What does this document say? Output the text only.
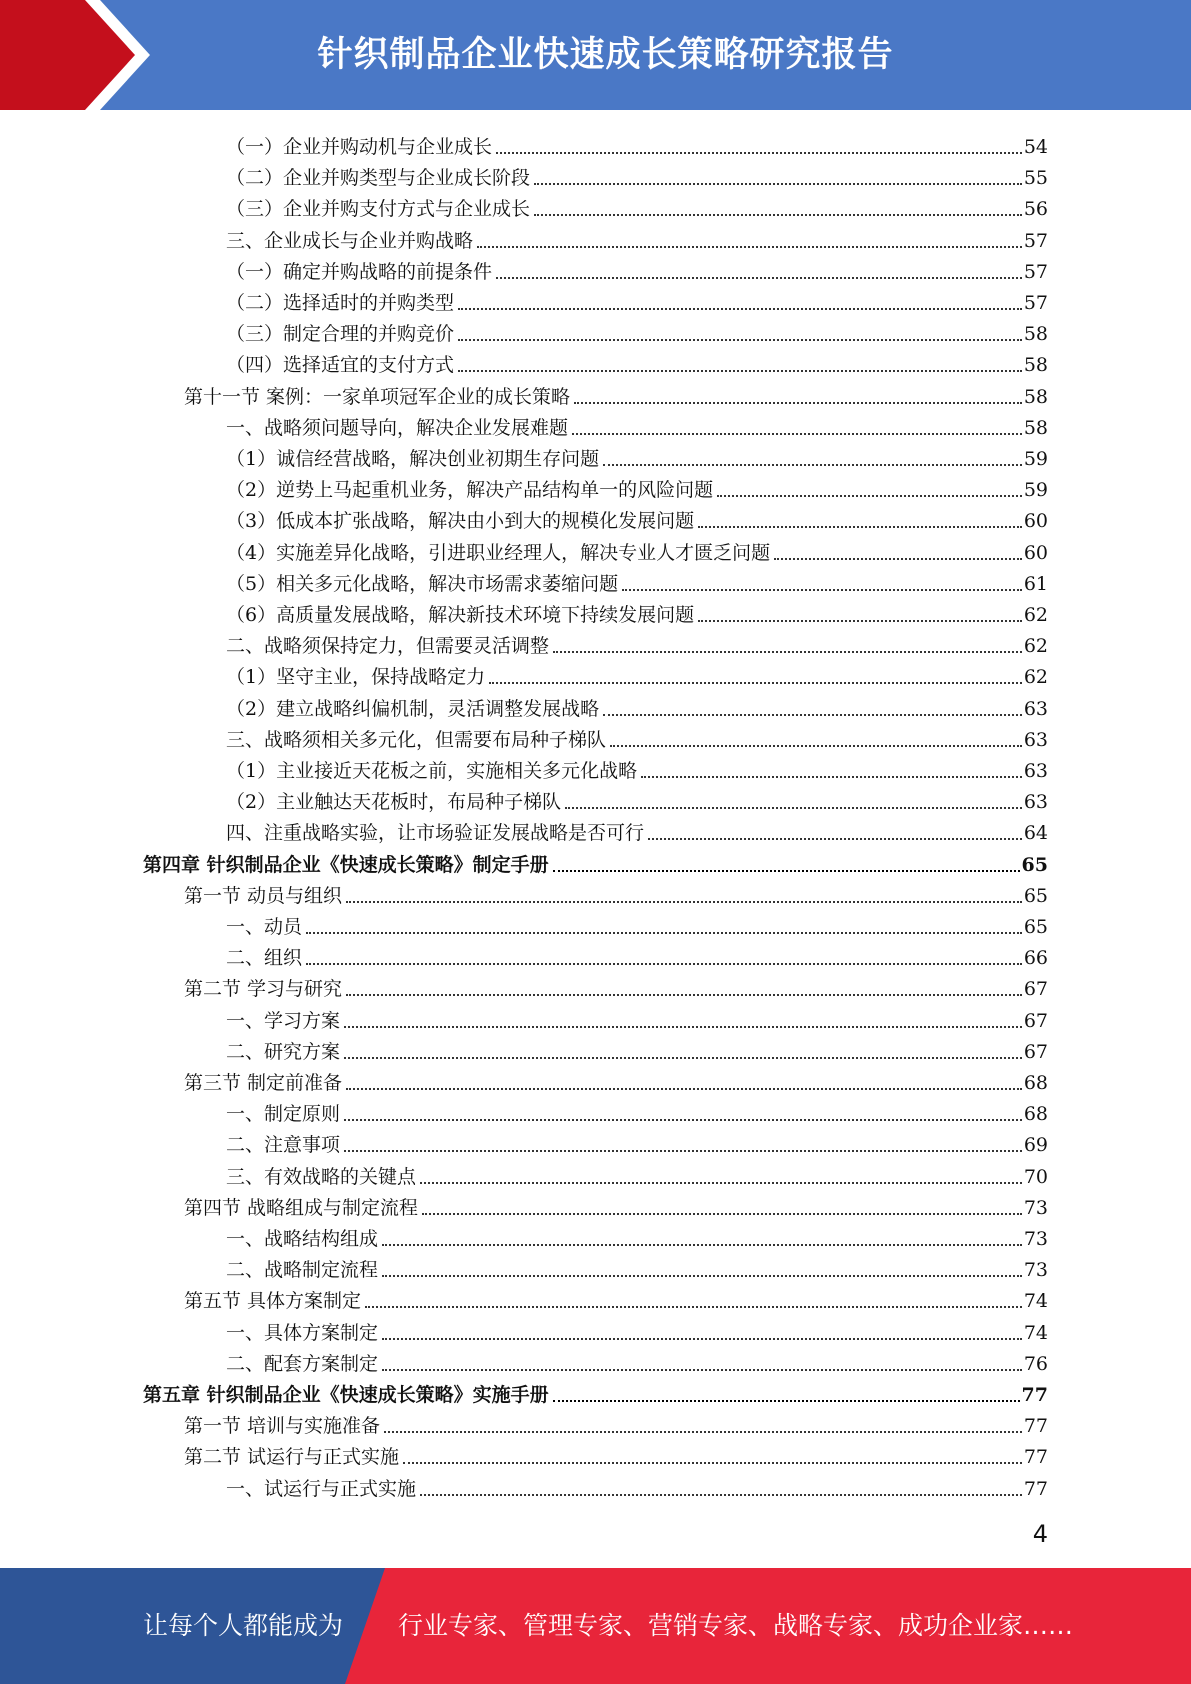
针织制品企业快速成长策略研究报告
（一）企业并购动机与企业成长	54
（二）企业并购类型与企业成长阶段	55
（三）企业并购支付方式与企业成长	56
三、企业成长与企业并购战略	57
（一）确定并购战略的前提条件	57
（二）选择适时的并购类型	57
（三）制定合理的并购竞价	58
（四）选择适宜的支付方式	58
第十一节 案例：一家单项冠军企业的成长策略	58
一、战略须问题导向，解决企业发展难题	58
（1）诚信经营战略，解决创业初期生存问题	59
（2）逆势上马起重机业务，解决产品结构单一的风险问题	59
（3）低成本扩张战略，解决由小到大的规模化发展问题	60
（4）实施差异化战略，引进职业经理人，解决专业人才匮乏问题	60
（5）相关多元化战略，解决市场需求萎缩问题	61
（6）高质量发展战略，解决新技术环境下持续发展问题	62
二、战略须保持定力，但需要灵活调整	62
（1）坚守主业，保持战略定力	62
（2）建立战略纠偏机制，灵活调整发展战略	63
三、战略须相关多元化，但需要布局种子梯队	63
（1）主业接近天花板之前，实施相关多元化战略	63
（2）主业触达天花板时，布局种子梯队	63
四、注重战略实验，让市场验证发展战略是否可行	64
第四章 针织制品企业《快速成长策略》制定手册	65
第一节 动员与组织	65
一、动员	65
二、组织	66
第二节 学习与研究	67
一、学习方案	67
二、研究方案	67
第三节 制定前准备	68
一、制定原则	68
二、注意事项	69
三、有效战略的关键点	70
第四节 战略组成与制定流程	73
一、战略结构组成	73
二、战略制定流程	73
第五节 具体方案制定	74
一、具体方案制定	74
二、配套方案制定	76
第五章 针织制品企业《快速成长策略》实施手册	77
第一节 培训与实施准备	77
第二节 试运行与正式实施	77
一、试运行与正式实施	77
4
让每个人都能成为 行业专家、管理专家、营销专家、战略专家、成功企业家……
